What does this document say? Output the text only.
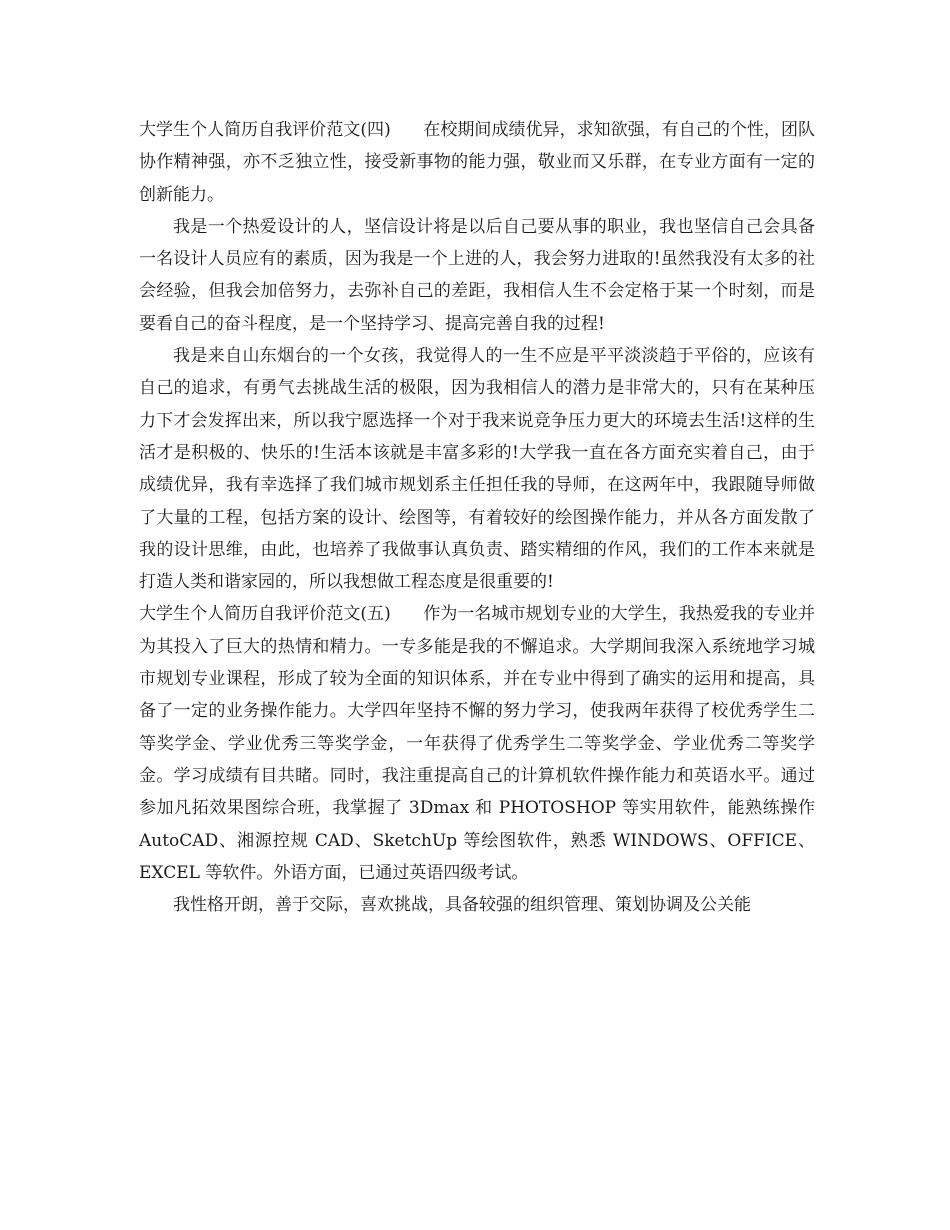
大学生个人简历自我评价范文(四) 在校期间成绩优异，求知欲强，有自己的个性，团队协作精神强，亦不乏独立性，接受新事物的能力强，敬业而又乐群，在专业方面有一定的创新能力。

我是一个热爱设计的人，坚信设计将是以后自己要从事的职业，我也坚信自己会具备一名设计人员应有的素质，因为我是一个上进的人，我会努力进取的!虽然我没有太多的社会经验，但我会加倍努力，去弥补自己的差距，我相信人生不会定格于某一个时刻，而是要看自己的奋斗程度，是一个坚持学习、提高完善自我的过程!

我是来自山东烟台的一个女孩，我觉得人的一生不应是平平淡淡趋于平俗的，应该有自己的追求，有勇气去挑战生活的极限，因为我相信人的潜力是非常大的，只有在某种压力下才会发挥出来，所以我宁愿选择一个对于我来说竞争压力更大的环境去生活!这样的生活才是积极的、快乐的!生活本该就是丰富多彩的!大学我一直在各方面充实着自己，由于成绩优异，我有幸选择了我们城市规划系主任担任我的导师，在这两年中，我跟随导师做了大量的工程，包括方案的设计、绘图等，有着较好的绘图操作能力，并从各方面发散了我的设计思维，由此，也培养了我做事认真负责、踏实精细的作风，我们的工作本来就是打造人类和谐家园的，所以我想做工程态度是很重要的!

大学生个人简历自我评价范文(五) 作为一名城市规划专业的大学生，我热爱我的专业并为其投入了巨大的热情和精力。一专多能是我的不懈追求。大学期间我深入系统地学习城市规划专业课程，形成了较为全面的知识体系，并在专业中得到了确实的运用和提高，具备了一定的业务操作能力。大学四年坚持不懈的努力学习，使我两年获得了校优秀学生二等奖学金、学业优秀三等奖学金，一年获得了优秀学生二等奖学金、学业优秀二等奖学金。学习成绩有目共睹。同时，我注重提高自己的计算机软件操作能力和英语水平。通过参加凡拓效果图综合班，我掌握了 3Dmax 和 PHOTOSHOP 等实用软件，能熟练操作 AutoCAD、湘源控规 CAD、SketchUp 等绘图软件，熟悉 WINDOWS、OFFICE、EXCEL 等软件。外语方面，已通过英语四级考试。

我性格开朗，善于交际，喜欢挑战，具备较强的组织管理、策划协调及公关能
